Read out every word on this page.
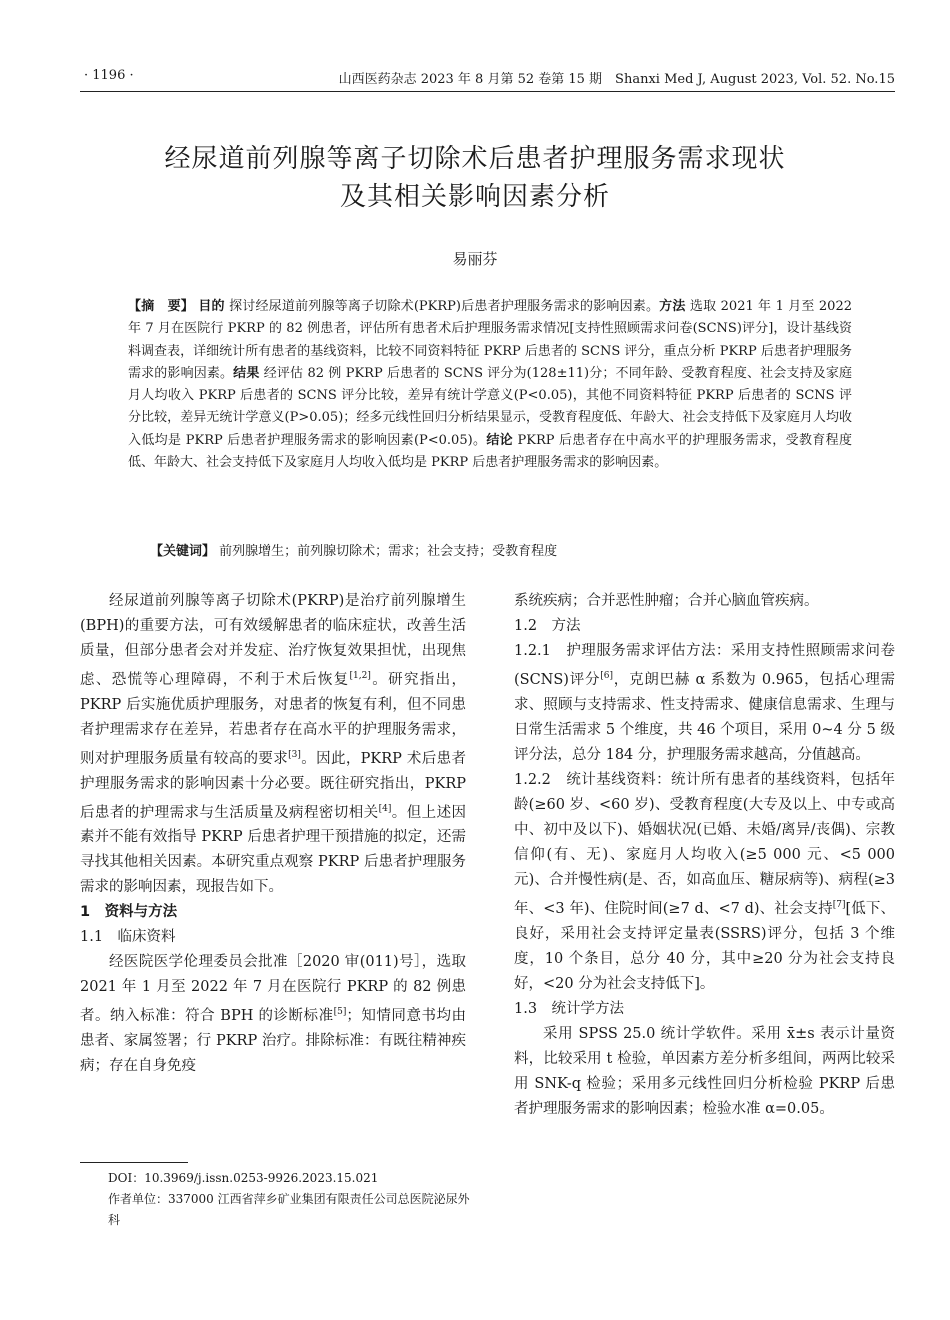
· 1196 ·	山西医药杂志 2023 年 8 月第 52 卷第 15 期　Shanxi Med J, August 2023, Vol. 52. No.15
经尿道前列腺等离子切除术后患者护理服务需求现状
及其相关影响因素分析
易丽芬
【摘　要】 目的 探讨经尿道前列腺等离子切除术(PKRP)后患者护理服务需求的影响因素。方法 选取 2021 年 1 月至 2022 年 7 月在医院行 PKRP 的 82 例患者，评估所有患者术后护理服务需求情况[支持性照顾需求问卷(SCNS)评分]，设计基线资料调查表，详细统计所有患者的基线资料，比较不同资料特征 PKRP 后患者的 SCNS 评分，重点分析 PKRP 后患者护理服务需求的影响因素。结果 经评估 82 例 PKRP 后患者的 SCNS 评分为(128±11)分；不同年龄、受教育程度、社会支持及家庭月人均收入 PKRP 后患者的 SCNS 评分比较，差异有统计学意义(P<0.05)，其他不同资料特征 PKRP 后患者的 SCNS 评分比较，差异无统计学意义(P>0.05)；经多元线性回归分析结果显示，受教育程度低、年龄大、社会支持低下及家庭月人均收入低均是 PKRP 后患者护理服务需求的影响因素(P<0.05)。结论 PKRP 后患者存在中高水平的护理服务需求，受教育程度低、年龄大、社会支持低下及家庭月人均收入低均是 PKRP 后患者护理服务需求的影响因素。
【关键词】 前列腺增生；前列腺切除术；需求；社会支持；受教育程度

经尿道前列腺等离子切除术(PKRP)是治疗前列腺增生(BPH)的重要方法，可有效缓解患者的临床症状，改善生活质量，但部分患者会对并发症、治疗恢复效果担忧，出现焦虑、恐慌等心理障碍，不利于术后恢复[1,2]。研究指出，PKRP 后实施优质护理服务，对患者的恢复有利，但不同患者护理需求存在差异，若患者存在高水平的护理服务需求，则对护理服务质量有较高的要求[3]。因此，PKRP 术后患者护理服务需求的影响因素十分必要。既往研究指出，PKRP 后患者的护理需求与生活质量及病程密切相关[4]。但上述因素并不能有效指导 PKRP 后患者护理干预措施的拟定，还需寻找其他相关因素。本研究重点观察 PKRP 后患者护理服务需求的影响因素，现报告如下。

1　资料与方法

1.1　临床资料

经医院医学伦理委员会批准［2020 审(011)号］，选取 2021 年 1 月至 2022 年 7 月在医院行 PKRP 的 82 例患者。纳入标准：符合 BPH 的诊断标准[5]；知情同意书均由患者、家属签署；行 PKRP 治疗。排除标准：有既往精神疾病；存在自身免疫

系统疾病；合并恶性肿瘤；合并心脑血管疾病。

1.2　方法

1.2.1　护理服务需求评估方法：采用支持性照顾需求问卷(SCNS)评分[6]，克朗巴赫 α 系数为 0.965，包括心理需求、照顾与支持需求、性支持需求、健康信息需求、生理与日常生活需求 5 个维度，共 46 个项目，采用 0~4 分 5 级评分法，总分 184 分，护理服务需求越高，分值越高。

1.2.2　统计基线资料：统计所有患者的基线资料，包括年龄(≥60 岁、<60 岁)、受教育程度(大专及以上、中专或高中、初中及以下)、婚姻状况(已婚、未婚/离异/丧偶)、宗教信仰(有、无)、家庭月人均收入(≥5 000 元、<5 000 元)、合并慢性病(是、否，如高血压、糖尿病等)、病程(≥3 年、<3 年)、住院时间(≥7 d、<7 d)、社会支持[7][低下、良好，采用社会支持评定量表(SSRS)评分，包括 3 个维度，10 个条目，总分 40 分，其中≥20 分为社会支持良好，<20 分为社会支持低下]。

1.3　统计学方法

采用 SPSS 25.0 统计学软件。采用 x̄±s 表示计量资料，比较采用 t 检验，单因素方差分析多组间，两两比较采用 SNK-q 检验；采用多元线性回归分析检验 PKRP 后患者护理服务需求的影响因素；检验水准 α=0.05。

DOI：10.3969/j.issn.0253-9926.2023.15.021

作者单位：337000 江西省萍乡矿业集团有限责任公司总医院泌尿外科
